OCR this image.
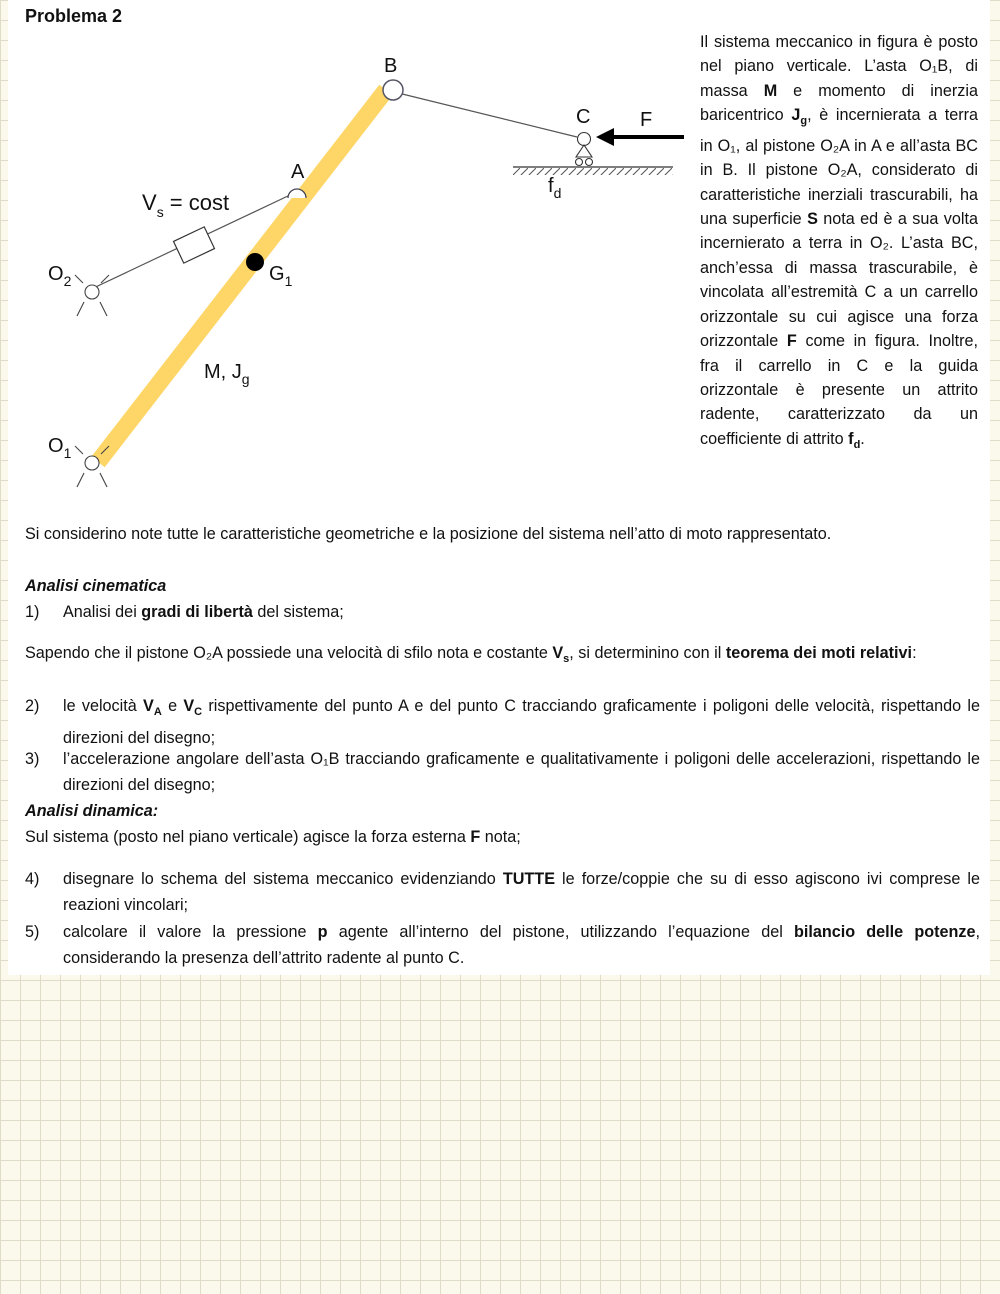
Problema 2
B
A
C F
$f_d$
$V_s = \cos t$
$O_2$	$G_1$
M, $J_g$
$O_1$
Il sistema meccanico in figura è posto nel piano verticale. L’asta O₁B, di massa M e momento di inerzia baricentrico $J_g$, è incernierata a terra in O₁, al pistone O₂A in A e all’asta BC in B. Il pistone O₂A, considerato di caratteristiche inerziali trascurabili, ha una superficie S nota ed è a sua volta incernierato a terra in O₂. L’asta BC, anch’essa di massa trascurabile, è vincolata all’estremità C a un carrello orizzontale su cui agisce una forza orizzontale F come in figura. Inoltre, fra il carrello in C e la guida orizzontale è presente un attrito radente, caratterizzato da un coefficiente di attrito $f_d$.
Si considerino note tutte le caratteristiche geometriche e la posizione del sistema nell’atto di moto rappresentato.
Analisi cinematica
1) Analisi dei gradi di libertà del sistema;
Sapendo che il pistone O₂A possiede una velocità di sfilo nota e costante $V_s$, si determinino con il teorema dei moti relativi:
2) le velocità $V_A$ e $V_C$ rispettivamente del punto A e del punto C tracciando graficamente i poligoni delle velocità, rispettando le direzioni del disegno;
3) l’accelerazione angolare dell’asta O₁B tracciando graficamente e qualitativamente i poligoni delle accelerazioni, rispettando le direzioni del disegno;
Analisi dinamica:
Sul sistema (posto nel piano verticale) agisce la forza esterna F nota;
4) disegnare lo schema del sistema meccanico evidenziando TUTTE le forze/coppie che su di esso agiscono ivi comprese le reazioni vincolari;
5) calcolare il valore la pressione p agente all’interno del pistone, utilizzando l’equazione del bilancio delle potenze, considerando la presenza dell’attrito radente al punto C.
